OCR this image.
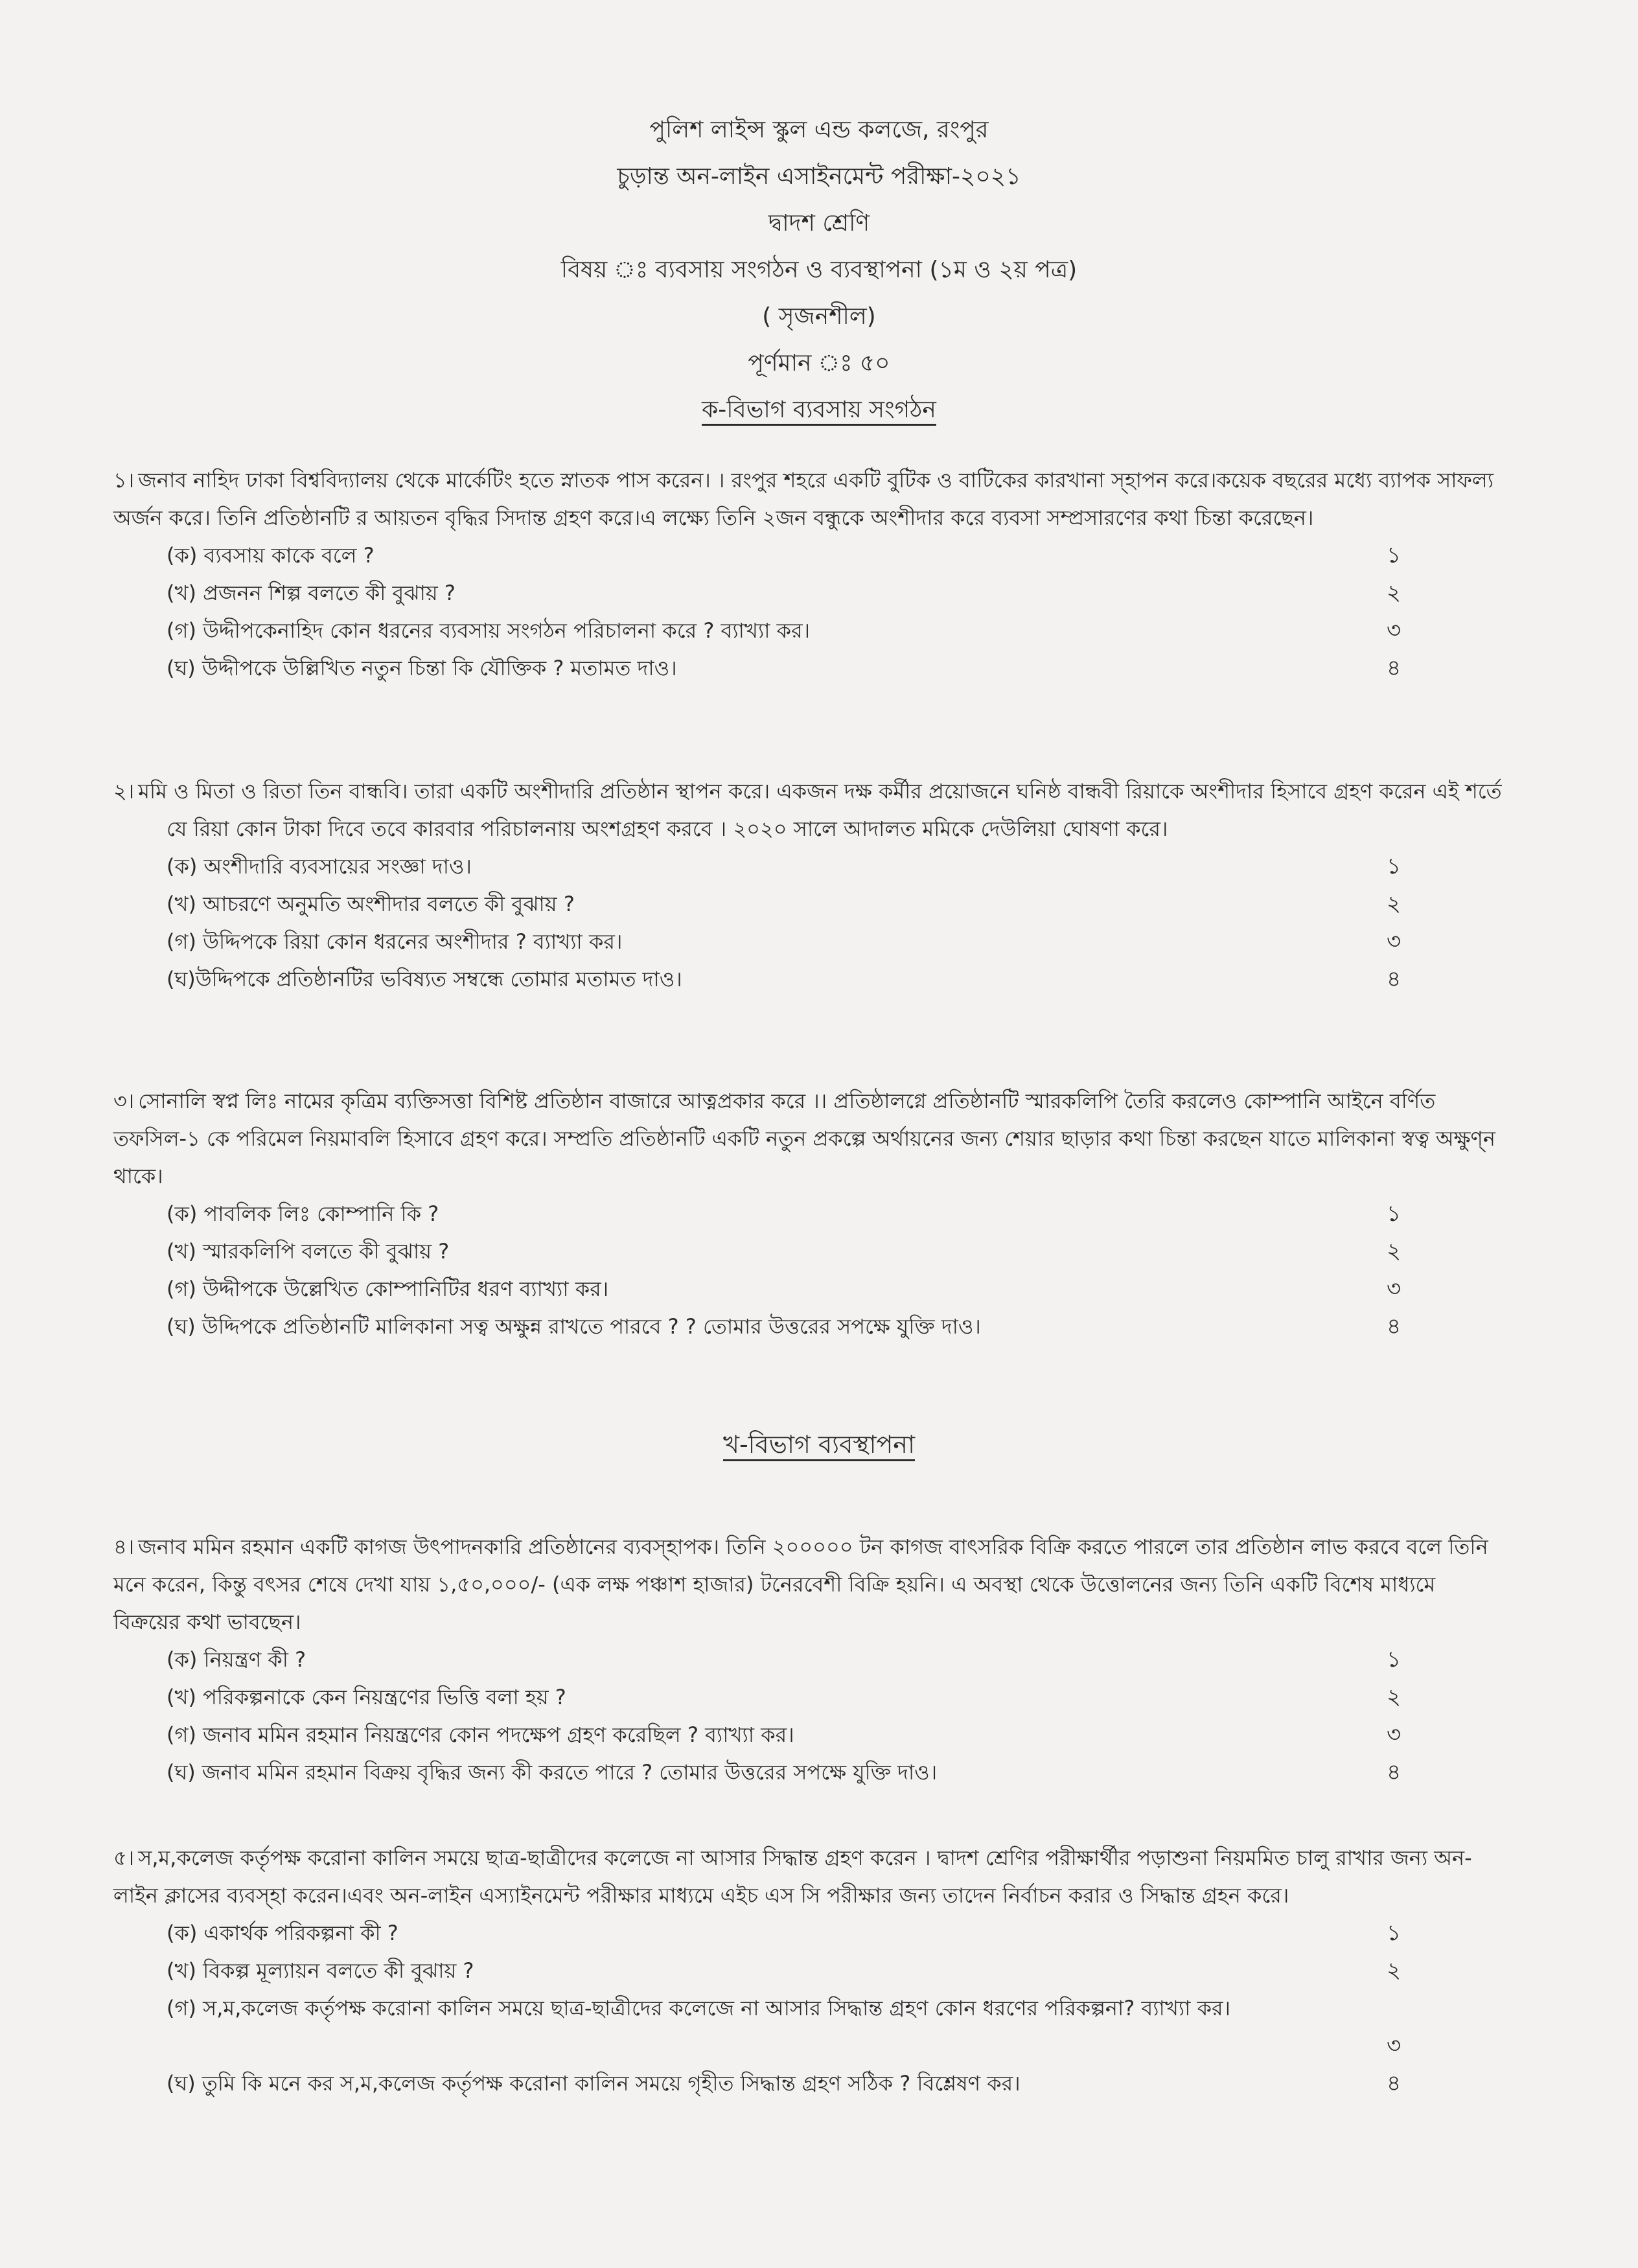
পুলিশ লাইন্স স্কুল এন্ড কলজে, রংপুর
চুড়ান্ত অন-লাইন এসাইনমেন্ট পরীক্ষা-২০২১
দ্বাদশ শ্রেণি
বিষয় ঃ ব্যবসায় সংগঠন ও ব্যবস্থাপনা (১ম ও ২য় পত্র)
( সৃজনশীল)
পূর্ণমান ঃ ৫০
ক-বিভাগ ব্যবসায় সংগঠন
১। জনাব নাহিদ ঢাকা বিশ্ববিদ্যালয় থেকে মার্কেটিং হতে স্নাতক পাস করেন। । রংপুর শহরে একটি বুটিক ও বাটিকের কারখানা স্হাপন করে।কয়েক বছরের মধ্যে ব্যাপক সাফল্য অর্জন করে। তিনি প্রতিষ্ঠানটি র আয়তন বৃদ্ধির সিদান্ত গ্রহণ করে।এ লক্ষ্যে তিনি ২জন বন্ধুকে অংশীদার করে ব্যবসা সম্প্রসারণের কথা চিন্তা করেছেন।
(ক) ব্যবসায় কাকে বলে ?	১
(খ) প্রজনন শিল্প বলতে কী বুঝায় ?	২
(গ) উদ্দীপকেনাহিদ কোন ধরনের ব্যবসায় সংগঠন পরিচালনা করে ? ব্যাখ্যা কর।	৩
(ঘ) উদ্দীপকে উল্লিখিত নতুন চিন্তা কি যৌক্তিক ? মতামত দাও।	৪
২। মমি ও মিতা ও রিতা তিন বান্ধবি। তারা একটি অংশীদারি প্রতিষ্ঠান স্থাপন করে। একজন দক্ষ কর্মীর প্রয়োজনে ঘনিষ্ঠ বান্ধবী রিয়াকে অংশীদার হিসাবে গ্রহণ করেন এই শর্তে যে রিয়া কোন টাকা দিবে তবে কারবার পরিচালনায় অংশগ্রহণ করবে । ২০২০ সালে আদালত মমিকে দেউলিয়া ঘোষণা করে।
(ক) অংশীদারি ব্যবসায়ের সংজ্ঞা দাও।	১
(খ) আচরণে অনুমতি অংশীদার বলতে কী বুঝায় ?	২
(গ) উদ্দিপকে রিয়া কোন ধরনের অংশীদার ? ব্যাখ্যা কর।	৩
(ঘ)উদ্দিপকে প্রতিষ্ঠানটির ভবিষ্যত সম্বন্ধে তোমার মতামত দাও।	৪
৩। সোনালি স্বপ্ন লিঃ নামের কৃত্রিম ব্যক্তিসত্তা বিশিষ্ট প্রতিষ্ঠান বাজারে আত্নপ্রকার করে ।। প্রতিষ্ঠালগ্নে প্রতিষ্ঠানটি স্মারকলিপি তৈরি করলেও কোম্পানি আইনে বর্ণিত তফসিল-১ কে পরিমেল নিয়মাবলি হিসাবে গ্রহণ করে। সম্প্রতি প্রতিষ্ঠানটি একটি নতুন প্রকল্পে অর্থায়নের জন্য শেয়ার ছাড়ার কথা চিন্তা করছেন যাতে মালিকানা স্বত্ব অক্ষুণ্ন থাকে।
(ক) পাবলিক লিঃ কোম্পানি কি ?	১
(খ) স্মারকলিপি বলতে কী বুঝায় ?	২
(গ) উদ্দীপকে উল্লেখিত কোম্পানিটির ধরণ ব্যাখ্যা কর।	৩
(ঘ) উদ্দিপকে প্রতিষ্ঠানটি মালিকানা সত্ব অক্ষুন্ন রাখতে পারবে ? ? তোমার উত্তরের সপক্ষে যুক্তি দাও।	৪
খ-বিভাগ ব্যবস্থাপনা
৪। জনাব মমিন রহমান একটি কাগজ উৎপাদনকারি প্রতিষ্ঠানের ব্যবস্হাপক। তিনি ২০০০০০ টন কাগজ বাৎসরিক বিক্রি করতে পারলে তার প্রতিষ্ঠান লাভ করবে বলে তিনি মনে করেন, কিন্তু বৎসর শেষে দেখা যায় ১,৫০,০০০/- (এক লক্ষ পঞ্চাশ হাজার) টনেরবেশী বিক্রি হয়নি। এ অবস্থা থেকে উত্তোলনের জন্য তিনি একটি বিশেষ মাধ্যমে বিক্রয়ের কথা ভাবছেন।
(ক) নিয়ন্ত্রণ কী ?	১
(খ) পরিকল্পনাকে কেন নিয়ন্ত্রণের ভিত্তি বলা হয় ?	২
(গ) জনাব মমিন রহমান নিয়ন্ত্রণের কোন পদক্ষেপ গ্রহণ করেছিল ? ব্যাখ্যা কর।	৩
(ঘ) জনাব মমিন রহমান বিক্রয় বৃদ্ধির জন্য কী করতে পারে ? তোমার উত্তরের সপক্ষে যুক্তি দাও।	৪
৫। স,ম,কলেজ কর্তৃপক্ষ করোনা কালিন সময়ে ছাত্র-ছাত্রীদের কলেজে না আসার সিদ্ধান্ত গ্রহণ করেন । দ্বাদশ শ্রেণির পরীক্ষার্থীর পড়াশুনা নিয়মমিত চালু রাখার জন্য অন-লাইন ক্লাসের ব্যবস্হা করেন।এবং অন-লাইন এস্যাইনমেন্ট পরীক্ষার মাধ্যমে এইচ এস সি পরীক্ষার জন্য তাদেন নির্বাচন করার ও সিদ্ধান্ত গ্রহন করে।
(ক) একার্থক পরিকল্পনা কী ?	১
(খ) বিকল্প মূল্যায়ন বলতে কী বুঝায় ?	২
(গ) স,ম,কলেজ কর্তৃপক্ষ করোনা কালিন সময়ে ছাত্র-ছাত্রীদের কলেজে না আসার সিদ্ধান্ত গ্রহণ কোন ধরণের পরিকল্পনা? ব্যাখ্যা কর।
৩
(ঘ) তুমি কি মনে কর স,ম,কলেজ কর্তৃপক্ষ করোনা কালিন সময়ে গৃহীত সিদ্ধান্ত গ্রহণ সঠিক ? বিশ্লেষণ কর।	৪
